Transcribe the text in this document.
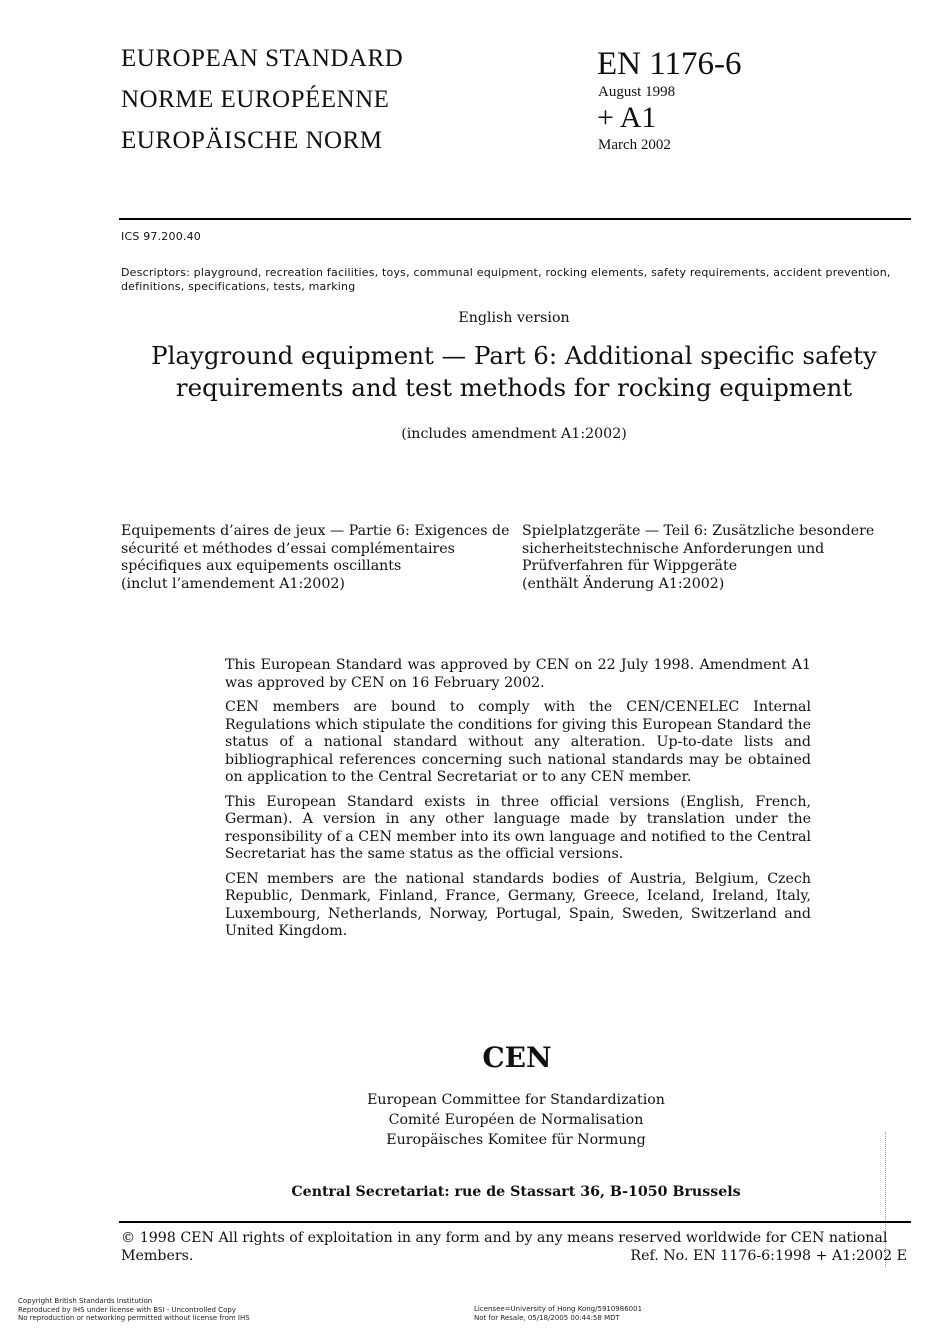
EUROPEAN STANDARD
NORME EUROPÉENNE
EUROPÄISCHE NORM
EN 1176-6
August 1998
+ A1
March 2002
ICS 97.200.40
Descriptors: playground, recreation facilities, toys, communal equipment, rocking elements, safety requirements, accident prevention, definitions, specifications, tests, marking
English version
Playground equipment — Part 6: Additional specific safety requirements and test methods for rocking equipment
(includes amendment A1:2002)
Equipements d’aires de jeux — Partie 6: Exigences de sécurité et méthodes d’essai complémentaires spécifiques aux equipements oscillants
(inclut l’amendement A1:2002)
Spielplatzgeräte — Teil 6: Zusätzliche besondere sicherheitstechnische Anforderungen und Prüfverfahren für Wippgeräte
(enthält Änderung A1:2002)

This European Standard was approved by CEN on 22 July 1998. Amendment A1 was approved by CEN on 16 February 2002.

CEN members are bound to comply with the CEN/CENELEC Internal Regulations which stipulate the conditions for giving this European Standard the status of a national standard without any alteration. Up-to-date lists and bibliographical references concerning such national standards may be obtained on application to the Central Secretariat or to any CEN member.

This European Standard exists in three official versions (English, French, German). A version in any other language made by translation under the responsibility of a CEN member into its own language and notified to the Central Secretariat has the same status as the official versions.

CEN members are the national standards bodies of Austria, Belgium, Czech Republic, Denmark, Finland, France, Germany, Greece, Iceland, Ireland, Italy, Luxembourg, Netherlands, Norway, Portugal, Spain, Sweden, Switzerland and United Kingdom.

CEN
European Committee for Standardization
Comité Européen de Normalisation
Europäisches Komitee für Normung
Central Secretariat: rue de Stassart 36, B-1050 Brussels
© 1998 CEN All rights of exploitation in any form and by any means reserved worldwide for CEN national
Members.	Ref. No. EN 1176-6:1998 + A1:2002 E
Copyright British Standards Institution
Reproduced by IHS under license with BSI - Uncontrolled Copy
No reproduction or networking permitted without license from IHS
Licensee=University of Hong Kong/5910986001
Not for Resale, 05/18/2005 00:44:58 MDT
